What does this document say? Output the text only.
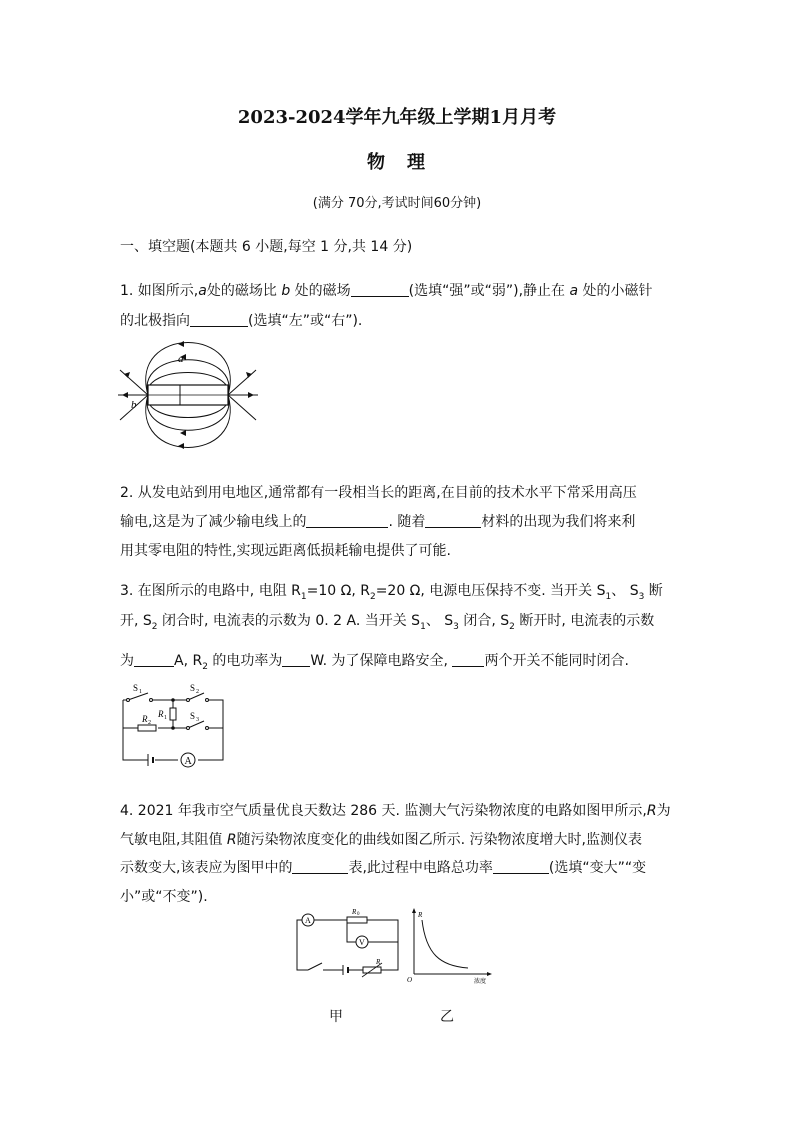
2023-2024学年九年级上学期1月月考
物　理
(满分 70分,考试时间60分钟)
一、填空题(本题共 6 小题,每空 1 分,共 14 分)
1. 如图所示,a处的磁场比 b 处的磁场	(选填“强”或“弱”),静止在 a 处的小磁针
的北极指向	(选填“左”或“右”).
a
b
2. 从发电站到用电地区,通常都有一段相当长的距离,在目前的技术水平下常采用高压
输电,这是为了减少输电线上的	. 随着	材料的出现为我们将来利
用其零电阻的特性,实现远距离低损耗输电提供了可能.
3. 在图所示的电路中, 电阻 $R_1=10$ Ω, $R_2=20$ Ω, 电源电压保持不变. 当开关 $S_1$、 $S_3$ 断
开, $S_2$ 闭合时, 电流表的示数为 0. 2 A. 当开关 $S_1$、 $S_3$ 闭合, $S_2$ 断开时, 电流表的示数
为	A, $R_2$ 的电功率为 W. 为了保障电路安全, 两个开关不能同时闭合.
A
S 1	S 2
S 3
R 1
R 2
4. 2021 年我市空气质量优良天数达 286 天. 监测大气污染物浓度的电路如图甲所示,R为
气敏电阻,其阻值 R随污染物浓度变化的曲线如图乙所示. 污染物浓度增大时,监测仪表
示数变大,该表应为图甲中的	表,此过程中电路总功率	(选填“变大”“变
小”或“不变”).
A
R 0
V
R
R
O	浓度
甲	乙
